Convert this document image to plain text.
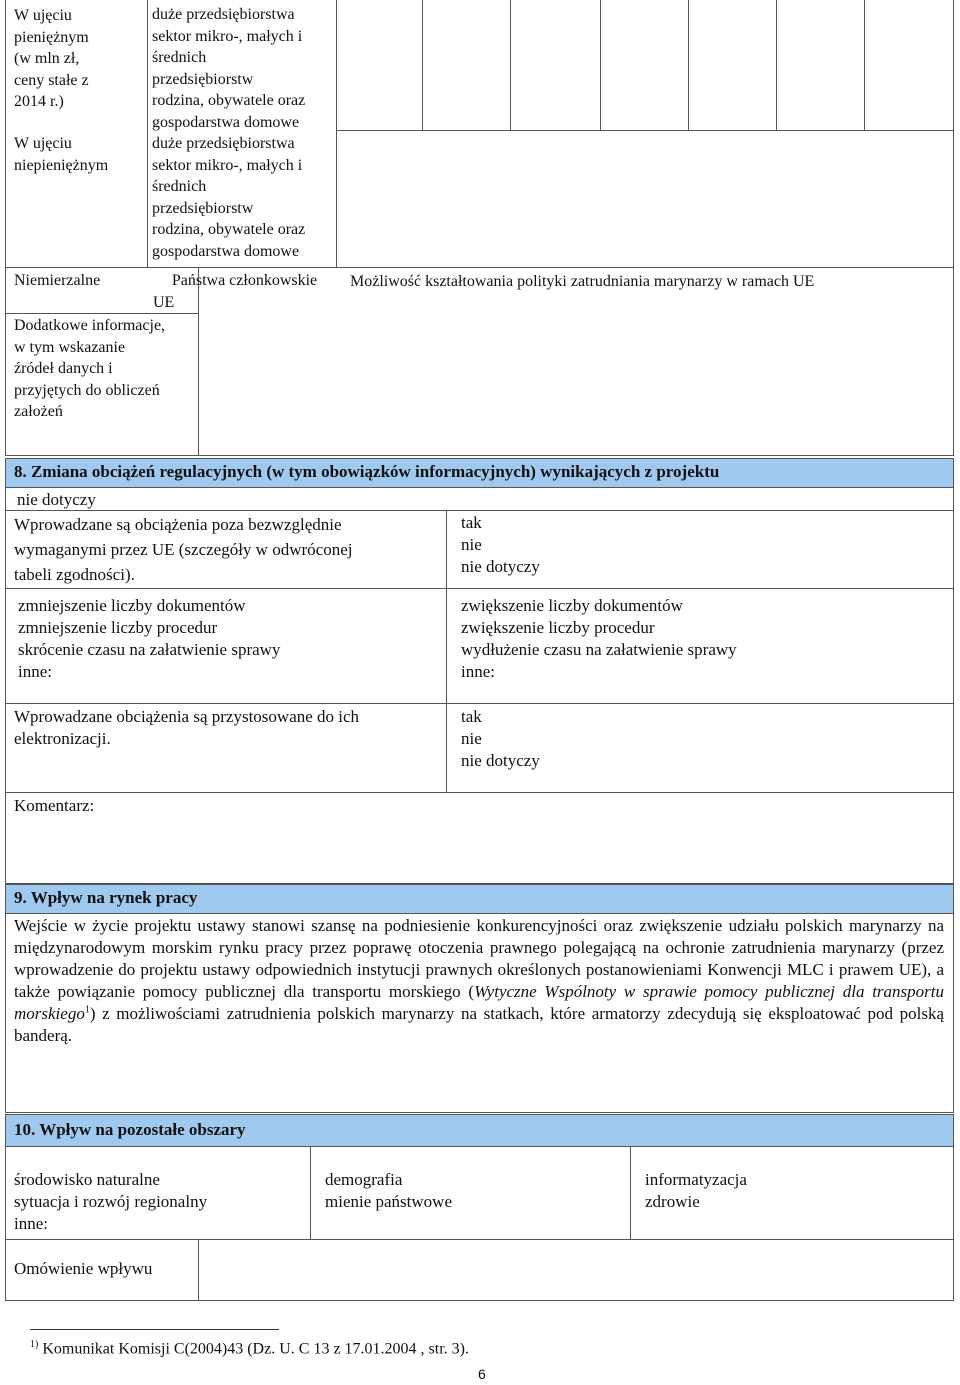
W ujęciu
pieniężnym
(w mln zł,
ceny stałe z
2014 r.)
duże przedsiębiorstwa
sektor mikro-, małych i
średnich
przedsiębiorstw
rodzina, obywatele oraz
gospodarstwa domowe
W ujęciu
niepieniężnym
duże przedsiębiorstwa
sektor mikro-, małych i
średnich
przedsiębiorstw
rodzina, obywatele oraz
gospodarstwa domowe
Niemierzalne	Państwa członkowskie
UE
Możliwość kształtowania polityki zatrudniania marynarzy w ramach UE
Dodatkowe informacje,
w tym wskazanie
źródeł danych i
przyjętych do obliczeń
założeń
8. Zmiana obciążeń regulacyjnych (w tym obowiązków informacyjnych) wynikających z projektu
nie dotyczy
Wprowadzane są obciążenia poza bezwzględnie
wymaganymi przez UE (szczegóły w odwróconej
tabeli zgodności).
tak
nie
nie dotyczy
zmniejszenie liczby dokumentów
zmniejszenie liczby procedur
skrócenie czasu na załatwienie sprawy
inne:
zwiększenie liczby dokumentów
zwiększenie liczby procedur
wydłużenie czasu na załatwienie sprawy
inne:
Wprowadzane obciążenia są przystosowane do ich
elektronizacji.
tak
nie
nie dotyczy
Komentarz:
9. Wpływ na rynek pracy
Wejście w życie projektu ustawy stanowi szansę na podniesienie konkurencyjności oraz zwiększenie udziału polskich marynarzy na międzynarodowym morskim rynku pracy przez poprawę otoczenia prawnego polegającą na ochronie zatrudnienia marynarzy (przez wprowadzenie do projektu ustawy odpowiednich instytucji prawnych określonych postanowieniami Konwencji MLC i prawem UE), a także powiązanie pomocy publicznej dla transportu morskiego (Wytyczne Wspólnoty w sprawie pomocy publicznej dla transportu morskiego$^1$) z możliwościami zatrudnienia polskich marynarzy na statkach, które armatorzy zdecydują się eksploatować pod polską banderą.
10. Wpływ na pozostałe obszary
środowisko naturalne
sytuacja i rozwój regionalny
inne:
demografia
mienie państwowe
informatyzacja
zdrowie
Omówienie wpływu
$^{1)}$ Komunikat Komisji C(2004)43 (Dz. U. C 13 z 17.01.2004 , str. 3).
6
